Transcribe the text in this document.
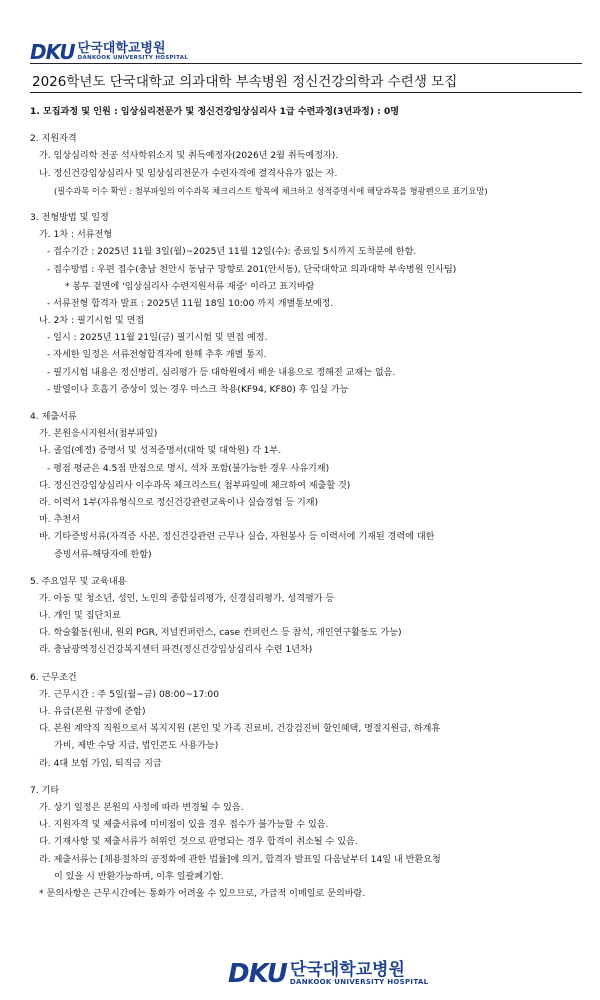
DKU 단국대학교병원
DANKOOK UNIVERSITY HOSPITAL
2026학년도 단국대학교 의과대학 부속병원 정신건강의학과 수련생 모집
1. 모집과정 및 인원 : 임상심리전문가 및 정신건강임상심리사 1급 수련과정(3년과정) : 0명
2. 지원자격
가. 임상심리학 전공 석사학위소지 및 취득예정자(2026년 2월 취득예정자).
나. 정신건강임상심리사 및 임상심리전문가 수련자격에 결격사유가 없는 자.
(필수과목 이수 확인 : 첨부파일의 이수과목 체크리스트 항목에 체크하고 성적증명서에 해당과목을 형광펜으로 표기요망)
3. 전형방법 및 일정
가. 1차 : 서류전형
- 접수기간 : 2025년 11월 3일(월)~2025년 11월 12일(수): 종료일 5시까지 도착분에 한함.
- 접수방법 : 우편 접수(충남 천안시 동남구 망향로 201(안서동), 단국대학교 의과대학 부속병원 인사팀)
* 봉투 겉면에 '임상심리사 수련지원서류 재중' 이라고 표기바람
- 서류전형 합격자 발표 : 2025년 11월 18일 10:00 까지 개별통보예정.
나. 2차 : 필기시험 및 면접
- 일시 : 2025년 11월 21일(금) 필기시험 및 면접 예정.
- 자세한 일정은 서류전형합격자에 한해 추후 개별 통지.
- 필기시험 내용은 정신병리, 심리평가 등 대학원에서 배운 내용으로 정해진 교재는 없음.
- 발열이나 호흡기 증상이 있는 경우 마스크 착용(KF94, KF80) 후 입실 가능
4. 제출서류
가. 본원응시지원서(첨부파일)
나. 졸업(예정) 증명서 및 성적증명서(대학 및 대학원) 각 1부.
- 평점 평균은 4.5점 만점으로 명시, 석차 포함(불가능한 경우 사유기재)
다. 정신건강임상심리사 이수과목 체크리스트( 첨부파일에 체크하여 제출할 것)
라. 이력서 1부(자유형식으로 정신건강관련교육이나 실습경험 등 기재)
마. 추천서
바. 기타증빙서류(자격증 사본, 정신건강관련 근무나 실습, 자원봉사 등 이력서에 기재된 경력에 대한
증빙서류-해당자에 한함)
5. 주요업무 및 교육내용
가. 아동 및 청소년, 성인, 노인의 종합심리평가, 신경심리평가, 성격평가 등
나. 개인 및 집단치료
다. 학술활동(원내, 원외 PGR, 저널컨퍼런스, case 컨퍼런스 등 참석, 개인연구활동도 가능)
라. 충남광역정신건강복지센터 파견(정신건강임상심리사 수련 1년차)
6. 근무조건
가. 근무시간 : 주 5일(월~금) 08:00~17:00
나. 유급(본원 규정에 준함)
다. 본원 계약직 직원으로서 복지지원 (본인 및 가족 진료비, 건강검진비 할인혜택, 명절지원금, 하계휴
가비, 제반 수당 지급, 법인콘도 사용가능)
라. 4대 보험 가입, 퇴직금 지급
7. 기타
가. 상기 일정은 본원의 사정에 따라 변경될 수 있음.
나. 지원자격 및 제출서류에 미비점이 있을 경우 접수가 불가능할 수 있음.
다. 기재사항 및 제출서류가 허위인 것으로 판명되는 경우 합격이 취소될 수 있음.
라. 제출서류는 [채용절차의 공정화에 관한 법률]에 의거, 합격자 발표일 다음날부터 14일 내 반환요청
이 있을 시 반환가능하며, 이후 일괄폐기함.
* 문의사항은 근무시간에는 통화가 어려울 수 있으므로, 가급적 이메일로 문의바람.
DKU 단국대학교병원
DANKOOK UNIVERSITY HOSPITAL
